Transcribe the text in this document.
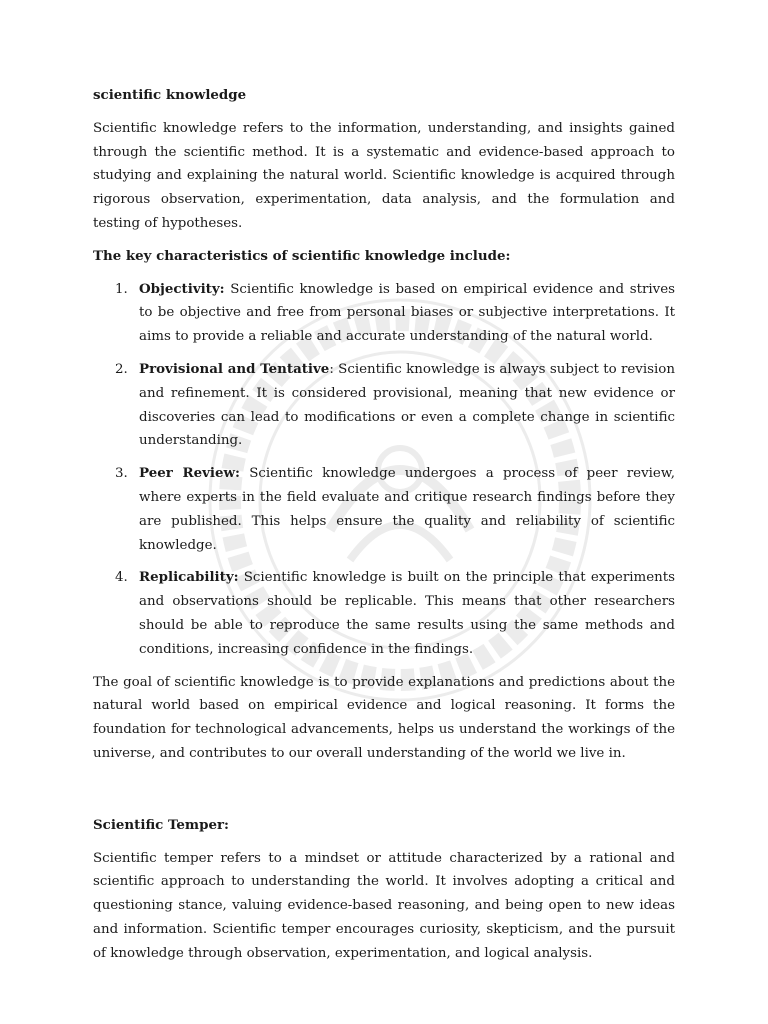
scientific knowledge

Scientific knowledge refers to the information, understanding, and insights gained through the scientific method. It is a systematic and evidence-based approach to studying and explaining the natural world. Scientific knowledge is acquired through rigorous observation, experimentation, data analysis, and the formulation and testing of hypotheses.

The key characteristics of scientific knowledge include:
1. Objectivity: Scientific knowledge is based on empirical evidence and strives to be objective and free from personal biases or subjective interpretations. It aims to provide a reliable and accurate understanding of the natural world.
2. Provisional and Tentative: Scientific knowledge is always subject to revision and refinement. It is considered provisional, meaning that new evidence or discoveries can lead to modifications or even a complete change in scientific understanding.
3. Peer Review: Scientific knowledge undergoes a process of peer review, where experts in the field evaluate and critique research findings before they are published. This helps ensure the quality and reliability of scientific knowledge.
4. Replicability: Scientific knowledge is built on the principle that experiments and observations should be replicable. This means that other researchers should be able to reproduce the same results using the same methods and conditions, increasing confidence in the findings.

The goal of scientific knowledge is to provide explanations and predictions about the natural world based on empirical evidence and logical reasoning. It forms the foundation for technological advancements, helps us understand the workings of the universe, and contributes to our overall understanding of the world we live in.

Scientific Temper:

Scientific temper refers to a mindset or attitude characterized by a rational and scientific approach to understanding the world. It involves adopting a critical and questioning stance, valuing evidence-based reasoning, and being open to new ideas and information. Scientific temper encourages curiosity, skepticism, and the pursuit of knowledge through observation, experimentation, and logical analysis.
